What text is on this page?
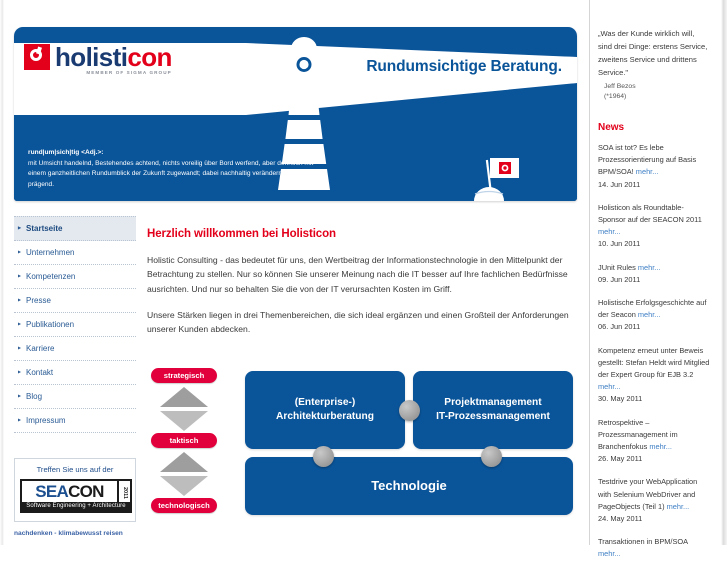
holisticon
MEMBER OF SIGMA GROUP	Rundumsichtige Beratung.
rund|um|sich|tig <Adj.>:
mit Umsicht handelnd, Bestehendes achtend, nichts voreilig über Bord werfend, aber dennoch mit einem ganzheitlichen Rundumblick der Zukunft zugewandt; dabei nachhaltig verändernd und prägend.
▸ Startseite
▸ Unternehmen
▸ Kompetenzen
▸ Presse
▸ Publikationen
▸ Karriere
▸ Kontakt
▸ Blog
▸ Impressum
Treffen Sie uns auf der
SEACON	2011
Software Engineering + Architecture
nachdenken - klimabewusst reisen
Herzlich willkommen bei Holisticon

Holistic Consulting - das bedeutet für uns, den Wertbeitrag der Informationstechnologie in den Mittelpunkt der Betrachtung zu stellen. Nur so können Sie unserer Meinung nach die IT besser auf Ihre fachlichen Bedürfnisse ausrichten. Und nur so behalten Sie die von der IT verursachten Kosten im Griff.

Unsere Stärken liegen in drei Themenbereichen, die sich ideal ergänzen und einen Großteil der Anforderungen unserer Kunden abdecken.

strategisch
taktisch
technologisch
(Enterprise-)
Architekturberatung
Projektmanagement
IT-Prozessmanagement
Technologie
„Was der Kunde wirklich will, sind drei Dinge: erstens Service, zweitens Service und drittens Service."
Jeff Bezos
(*1964)
News
SOA ist tot? Es lebe Prozessorientierung auf Basis BPM/SOA! mehr...
14. Jun 2011
Holisticon als Roundtable-Sponsor auf der SEACON 2011 mehr...
10. Jun 2011
JUnit Rules mehr...
09. Jun 2011
Holistische Erfolgsgeschichte auf der Seacon mehr...
06. Jun 2011
Kompetenz erneut unter Beweis gestellt: Stefan Heldt wird Mitglied der Expert Group für EJB 3.2 mehr...
30. May 2011
Retrospektive – Prozessmanagement im Branchenfokus mehr...
26. May 2011
Testdrive your WebApplication with Selenium WebDriver and PageObjects (Teil 1) mehr...
24. May 2011
Transaktionen in BPM/SOA mehr...
